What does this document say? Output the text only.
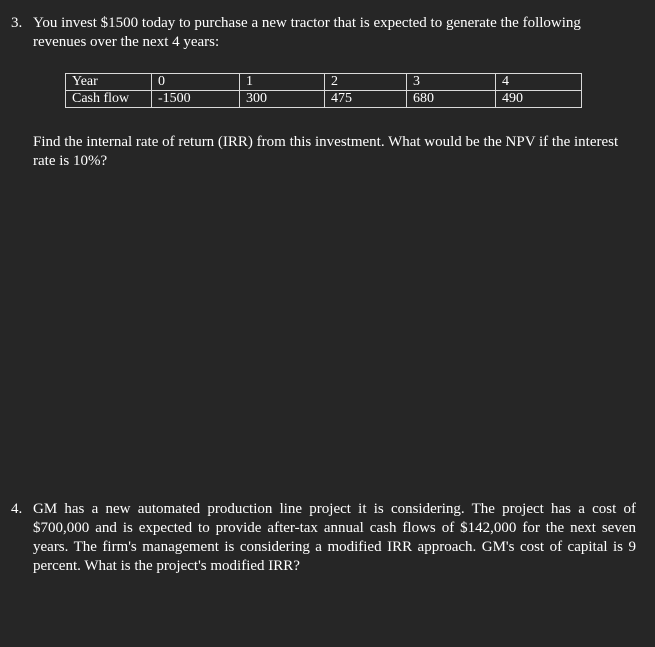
3. You invest $1500 today to purchase a new tractor that is expected to generate the following revenues over the next 4 years:
Year	0	1	2	3	4
Cash flow	-1500	300	475	680	490
Find the internal rate of return (IRR) from this investment. What would be the NPV if the interest rate is 10%?
4. GM has a new automated production line project it is considering. The project has a cost of $700,000 and is expected to provide after-tax annual cash flows of $142,000 for the next seven years. The firm's management is considering a modified IRR approach. GM's cost of capital is 9 percent. What is the project's modified IRR?
